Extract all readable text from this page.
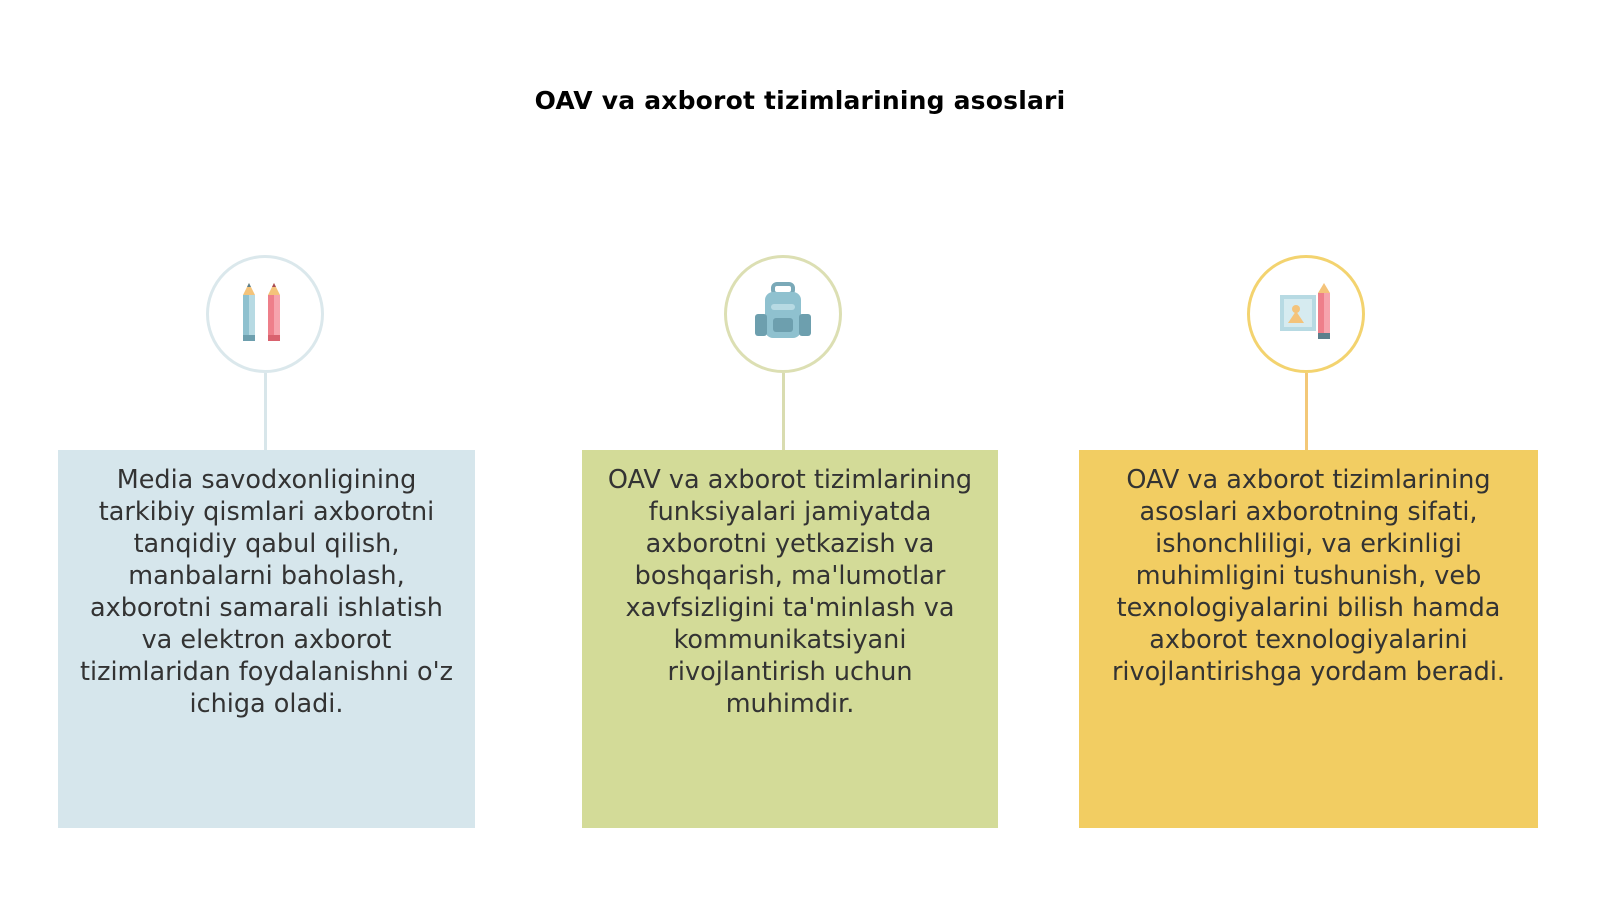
OAV va axborot tizimlarining asoslari
Media savodxonligining tarkibiy qismlari axborotni tanqidiy qabul qilish, manbalarni baholash, axborotni samarali ishlatish va elektron axborot tizimlaridan foydalanishni o'z ichiga oladi.
OAV va axborot tizimlarining funksiyalari jamiyatda axborotni yetkazish va boshqarish, ma'lumotlar xavfsizligini ta'minlash va kommunikatsiyani rivojlantirish uchun muhimdir.
OAV va axborot tizimlarining asoslari axborotning sifati, ishonchliligi, va erkinligi muhimligini tushunish, veb texnologiyalarini bilish hamda axborot texnologiyalarini rivojlantirishga yordam beradi.
